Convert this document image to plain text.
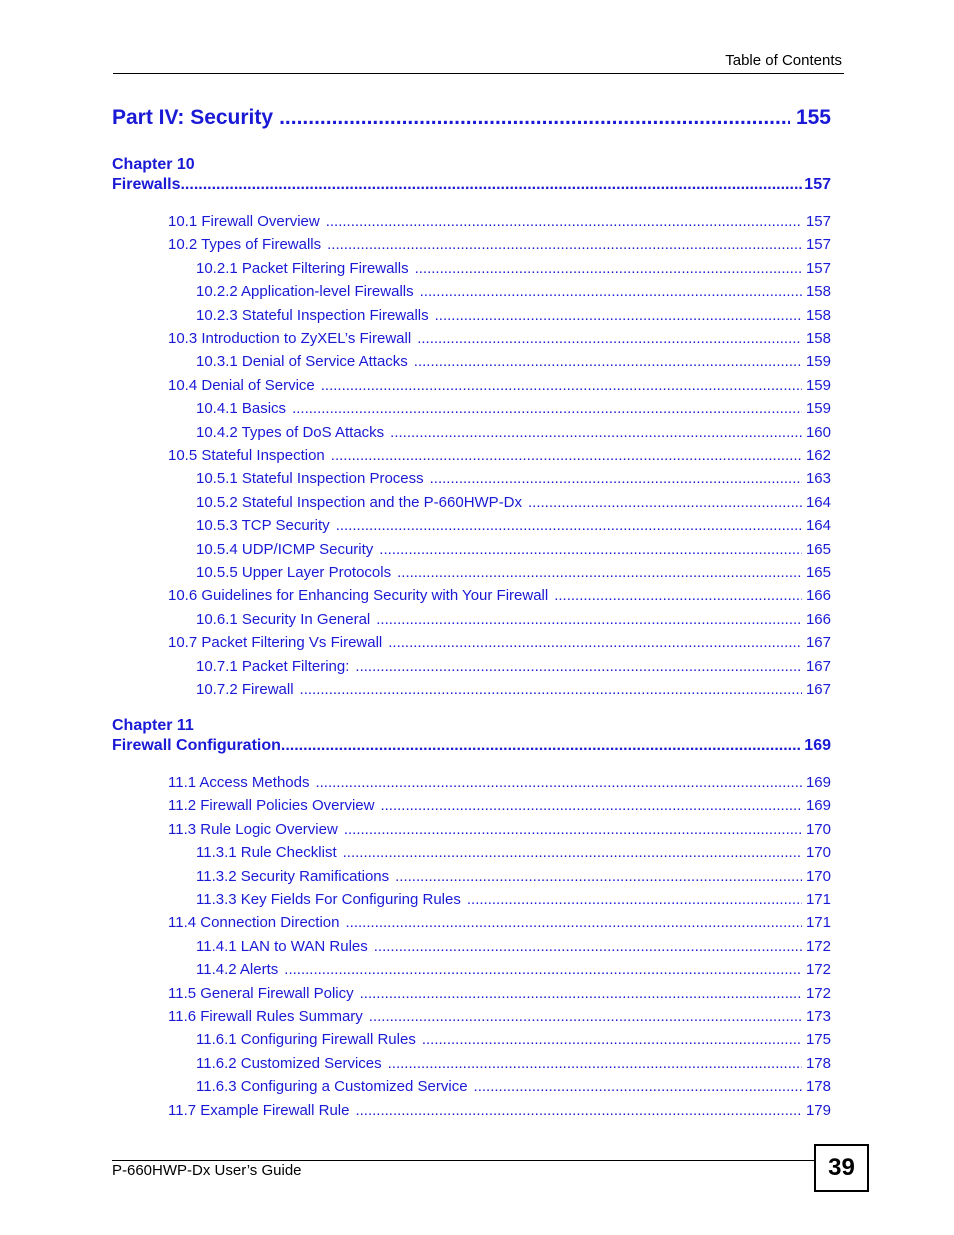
Table of Contents
Part IV: Security .....	155
Chapter 10
Firewalls .....	157
10.1 Firewall Overview .....	157
10.2 Types of Firewalls .....	157
10.2.1 Packet Filtering Firewalls .....	157
10.2.2 Application-level Firewalls .....	158
10.2.3 Stateful Inspection Firewalls .....	158
10.3 Introduction to ZyXEL’s Firewall .....	158
10.3.1 Denial of Service Attacks .....	159
10.4 Denial of Service .....	159
10.4.1 Basics .....	159
10.4.2 Types of DoS Attacks .....	160
10.5 Stateful Inspection .....	162
10.5.1 Stateful Inspection Process .....	163
10.5.2 Stateful Inspection and the P-660HWP-Dx .....	164
10.5.3 TCP Security .....	164
10.5.4 UDP/ICMP Security .....	165
10.5.5 Upper Layer Protocols .....	165
10.6 Guidelines for Enhancing Security with Your Firewall .....	166
10.6.1 Security In General .....	166
10.7 Packet Filtering Vs Firewall .....	167
10.7.1 Packet Filtering: .....	167
10.7.2 Firewall .....	167
Chapter 11
Firewall Configuration .....	169
11.1 Access Methods .....	169
11.2 Firewall Policies Overview .....	169
11.3 Rule Logic Overview .....	170
11.3.1 Rule Checklist .....	170
11.3.2 Security Ramifications .....	170
11.3.3 Key Fields For Configuring Rules .....	171
11.4 Connection Direction .....	171
11.4.1 LAN to WAN Rules .....	172
11.4.2 Alerts .....	172
11.5 General Firewall Policy .....	172
11.6 Firewall Rules Summary .....	173
11.6.1 Configuring Firewall Rules .....	175
11.6.2 Customized Services .....	178
11.6.3 Configuring a Customized Service .....	178
11.7 Example Firewall Rule .....	179
P-660HWP-Dx User’s Guide	39
